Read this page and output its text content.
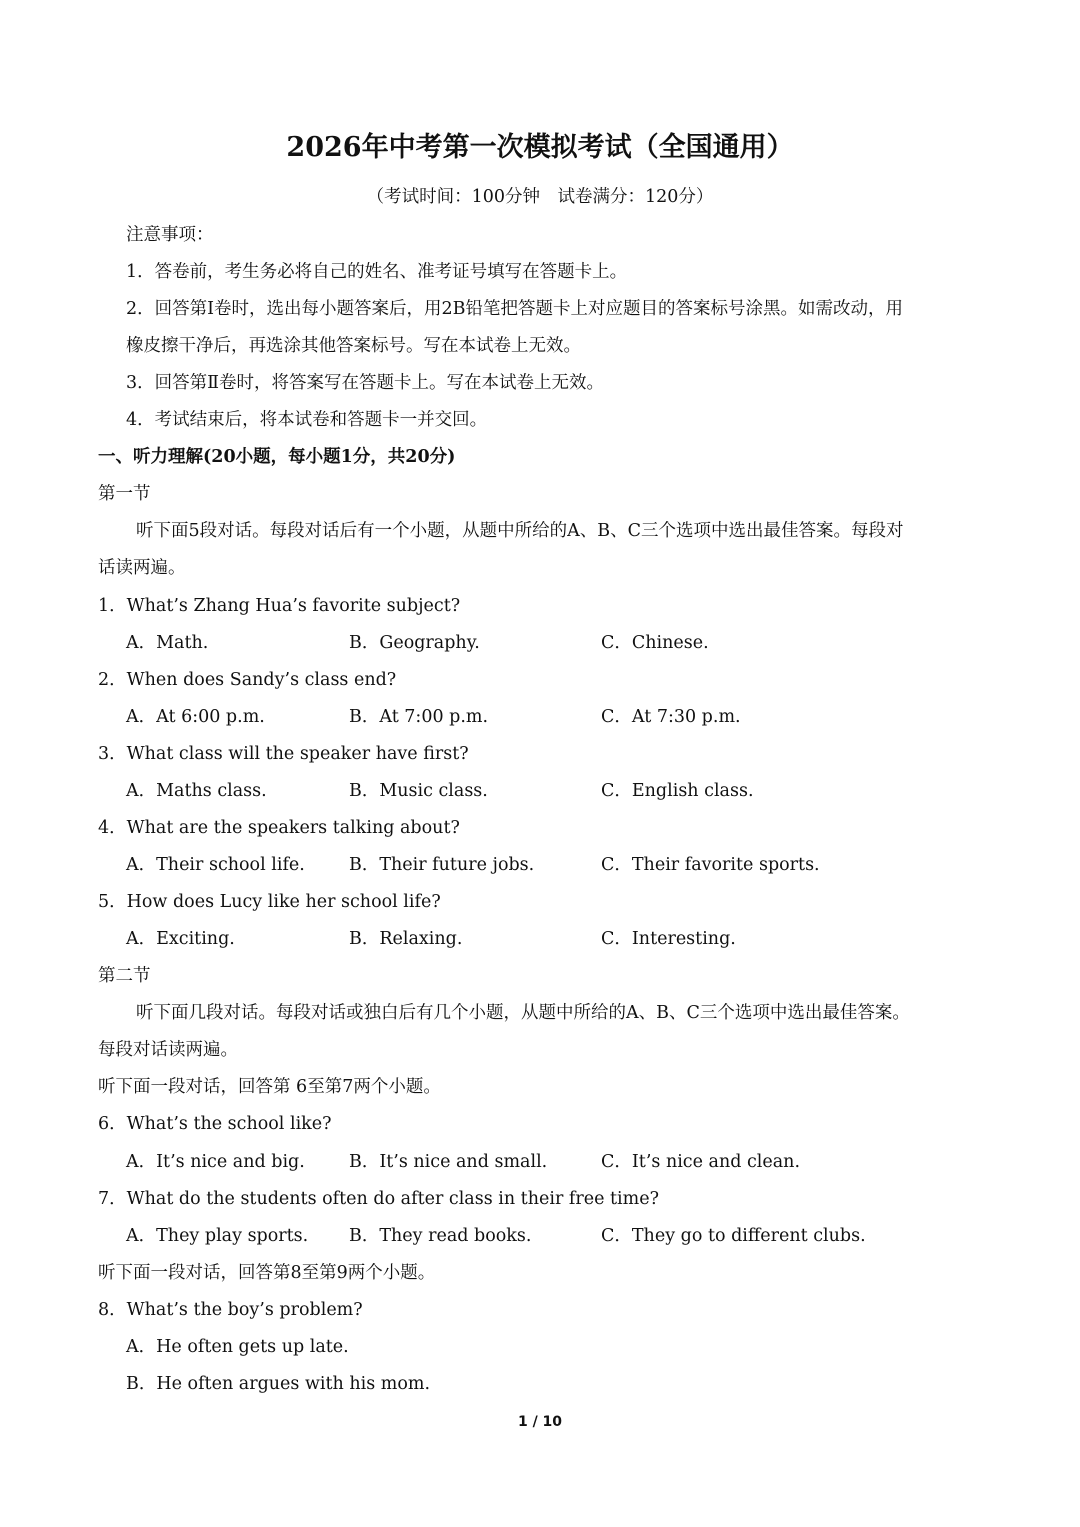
2026年中考第一次模拟考试（全国通用）
（考试时间：100分钟　试卷满分：120分）
注意事项：
1．答卷前，考生务必将自己的姓名、准考证号填写在答题卡上。
2．回答第Ⅰ卷时，选出每小题答案后，用2B铅笔把答题卡上对应题目的答案标号涂黑。如需改动，用
橡皮擦干净后，再选涂其他答案标号。写在本试卷上无效。
3．回答第Ⅱ卷时，将答案写在答题卡上。写在本试卷上无效。
4．考试结束后，将本试卷和答题卡一并交回。
一、听力理解(20小题，每小题1分，共20分)
第一节
听下面5段对话。每段对话后有一个小题，从题中所给的A、B、C三个选项中选出最佳答案。每段对
话读两遍。
1．What’s Zhang Hua’s favorite subject?
A．Math.	B．Geography.	C．Chinese.
2．When does Sandy’s class end?
A．At 6:00 p.m.	B．At 7:00 p.m.	C．At 7:30 p.m.
3．What class will the speaker have first?
A．Maths class.	B．Music class.	C．English class.
4．What are the speakers talking about?
A．Their school life.	B．Their future jobs.	C．Their favorite sports.
5．How does Lucy like her school life?
A．Exciting.	B．Relaxing.	C．Interesting.
第二节
听下面几段对话。每段对话或独白后有几个小题，从题中所给的A、B、C三个选项中选出最佳答案。
每段对话读两遍。
听下面一段对话，回答第 6至第7两个小题。
6．What’s the school like?
A．It’s nice and big.	B．It’s nice and small.	C．It’s nice and clean.
7．What do the students often do after class in their free time?
A．They play sports. B．They read books.	C．They go to different clubs.
听下面一段对话，回答第8至第9两个小题。
8．What’s the boy’s problem?
A．He often gets up late.
B．He often argues with his mom.
1 / 10
